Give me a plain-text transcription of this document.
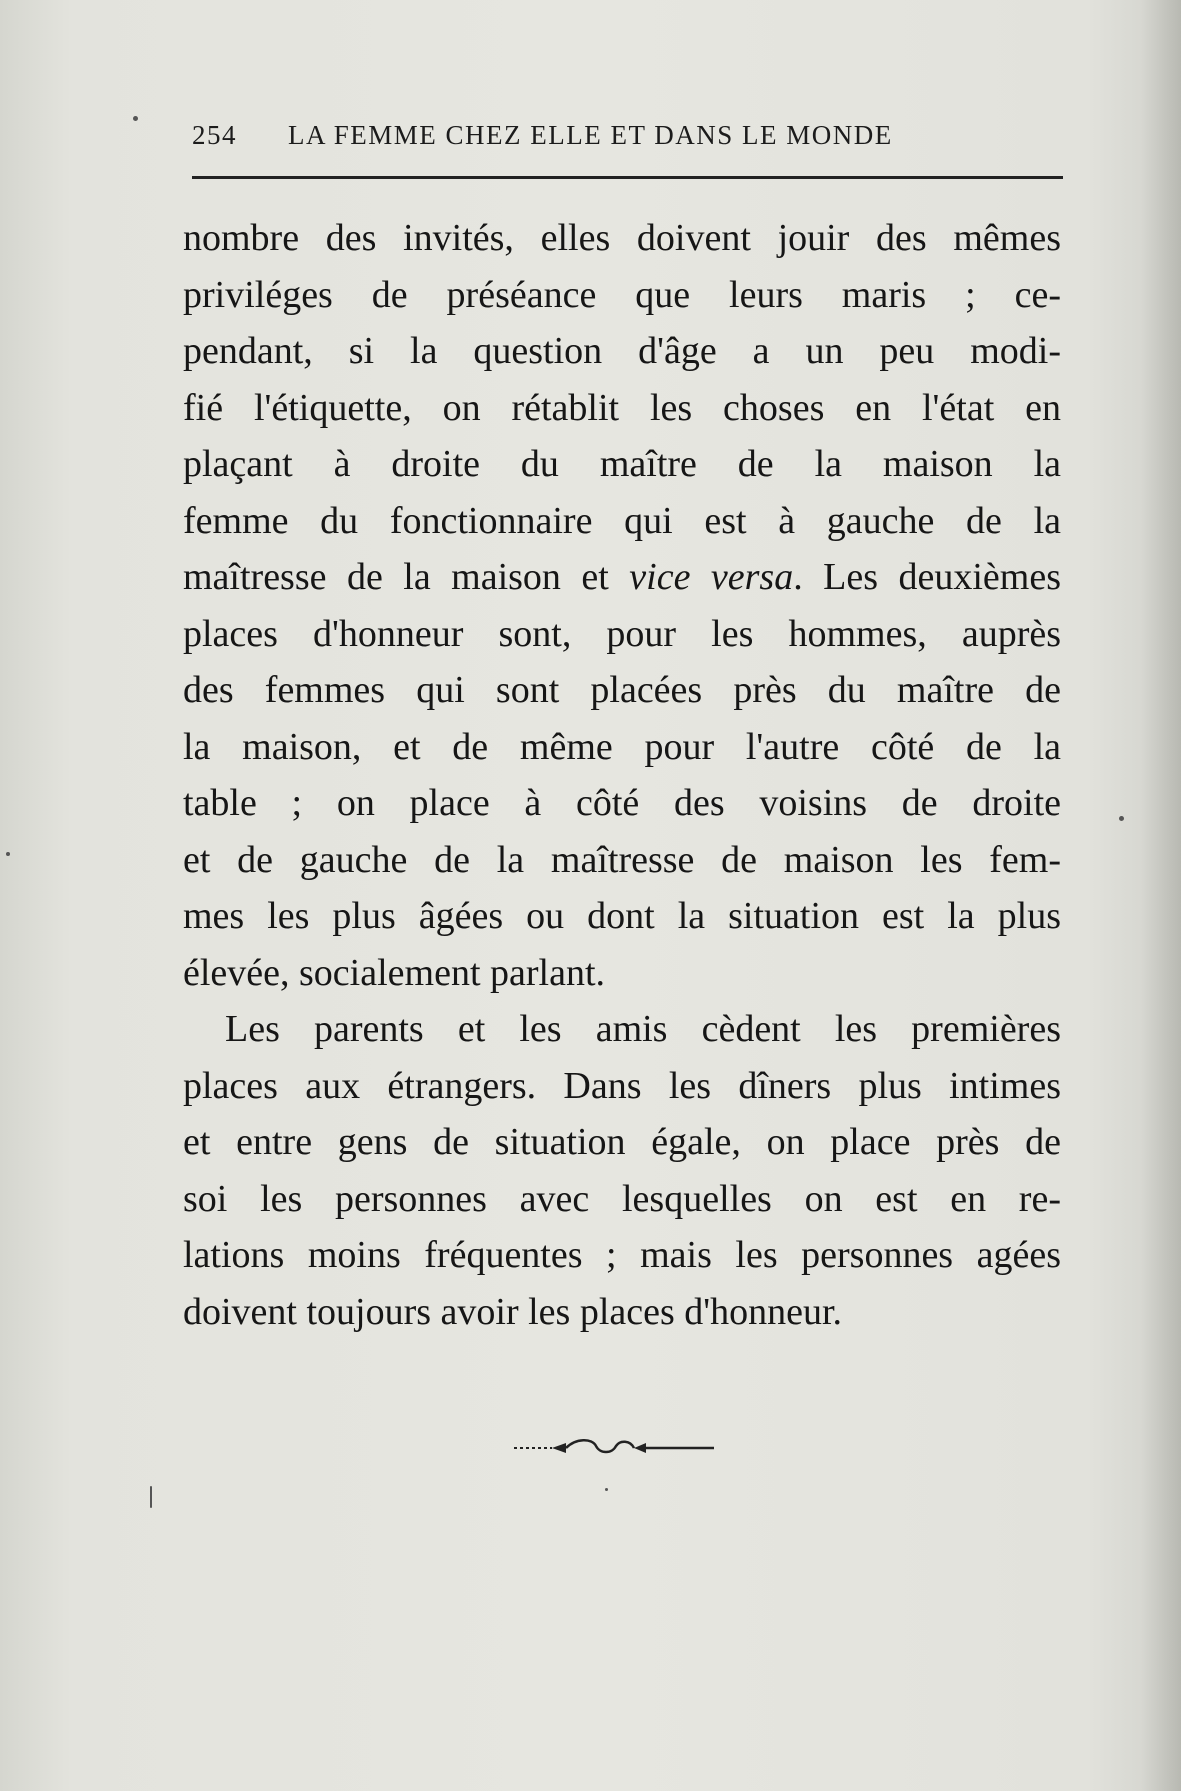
254 LA FEMME CHEZ ELLE ET DANS LE MONDE
nombre des invités, elles doivent jouir des mêmes
priviléges de préséance que leurs maris ; ce-
pendant, si la question d'âge a un peu modi-
fié l'étiquette, on rétablit les choses en l'état en
plaçant à droite du maître de la maison la
femme du fonctionnaire qui est à gauche de la
maîtresse de la maison et vice versa. Les deuxièmes
places d'honneur sont, pour les hommes, auprès
des femmes qui sont placées près du maître de
la maison, et de même pour l'autre côté de la
table ; on place à côté des voisins de droite
et de gauche de la maîtresse de maison les fem-
mes les plus âgées ou dont la situation est la plus
élevée, socialement parlant.
Les parents et les amis cèdent les premières
places aux étrangers. Dans les dîners plus intimes
et entre gens de situation égale, on place près de
soi les personnes avec lesquelles on est en re-
lations moins fréquentes ; mais les personnes agées
doivent toujours avoir les places d'honneur.
